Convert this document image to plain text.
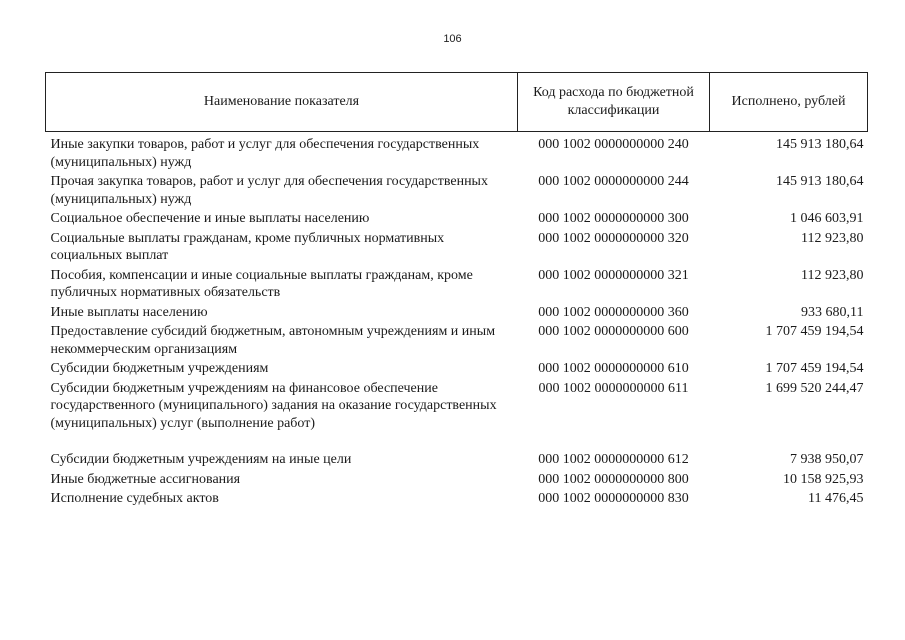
106
Наименование показателя	Код расхода по бюджетной классификации	Исполнено, рублей
Иные закупки товаров, работ и услуг для обеспечения государственных (муниципальных) нужд	000 1002 0000000000 240	145 913 180,64
Прочая закупка товаров, работ и услуг для обеспечения государственных (муниципальных) нужд	000 1002 0000000000 244	145 913 180,64
Социальное обеспечение и иные выплаты населению	000 1002 0000000000 300	1 046 603,91
Социальные выплаты гражданам, кроме публичных нормативных социальных выплат	000 1002 0000000000 320	112 923,80
Пособия, компенсации и иные социальные выплаты гражданам, кроме публичных нормативных обязательств	000 1002 0000000000 321	112 923,80
Иные выплаты населению	000 1002 0000000000 360	933 680,11
Предоставление субсидий бюджетным, автономным учреждениям и иным некоммерческим организациям	000 1002 0000000000 600	1 707 459 194,54
Субсидии бюджетным учреждениям	000 1002 0000000000 610	1 707 459 194,54
Субсидии бюджетным учреждениям на финансовое обеспечение государственного (муниципального) задания на оказание государственных (муниципальных) услуг (выполнение работ)	000 1002 0000000000 611	1 699 520 244,47
Субсидии бюджетным учреждениям на иные цели	000 1002 0000000000 612	7 938 950,07
Иные бюджетные ассигнования	000 1002 0000000000 800	10 158 925,93
Исполнение судебных актов	000 1002 0000000000 830	11 476,45
